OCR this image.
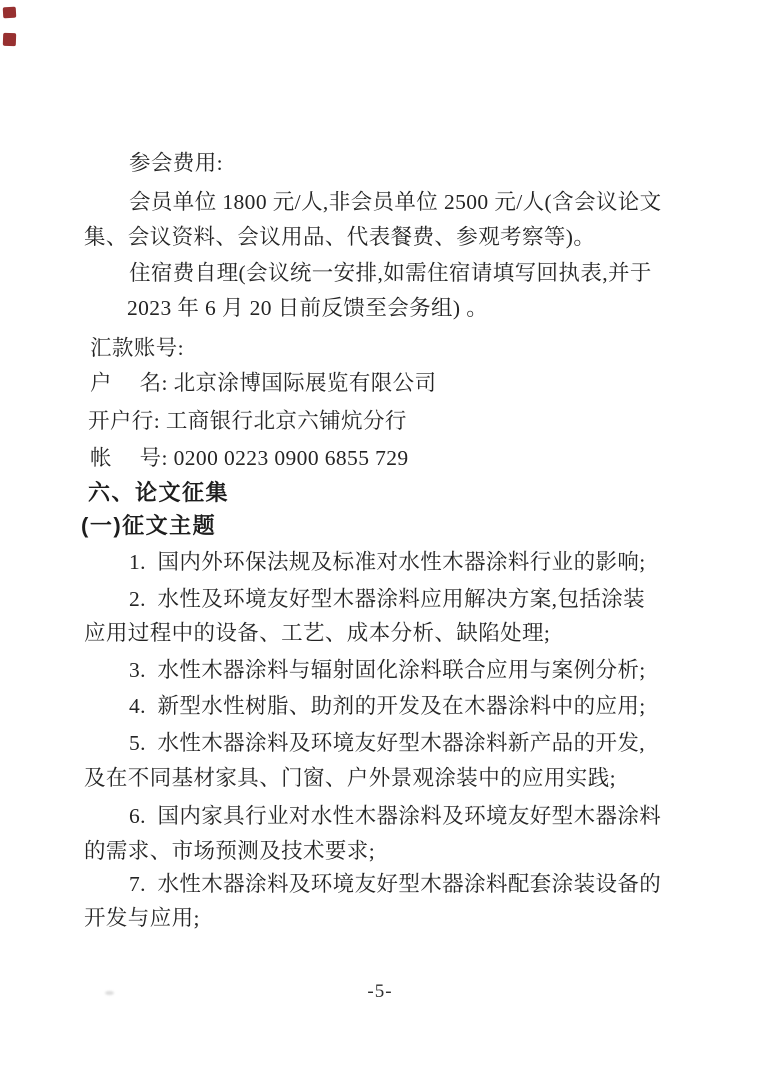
参会费用:
会员单位 1800 元/人,非会员单位 2500 元/人(含会议论文
集、会议资料、会议用品、代表餐费、参观考察等)。
住宿费自理(会议统一安排,如需住宿请填写回执表,并于
2023 年 6 月 20 日前反馈至会务组) 。
汇款账号:
户　 名: 北京涂博国际展览有限公司
开户行: 工商银行北京六铺炕分行
帐　 号: 0200 0223 0900 6855 729
六、论文征集
(一)征文主题
1.  国内外环保法规及标准对水性木器涂料行业的影响;
2.  水性及环境友好型木器涂料应用解决方案,包括涂装
应用过程中的设备、工艺、成本分析、缺陷处理;
3.  水性木器涂料与辐射固化涂料联合应用与案例分析;
4.  新型水性树脂、助剂的开发及在木器涂料中的应用;
5.  水性木器涂料及环境友好型木器涂料新产品的开发,
及在不同基材家具、门窗、户外景观涂装中的应用实践;
6.  国内家具行业对水性木器涂料及环境友好型木器涂料
的需求、市场预测及技术要求;
7.  水性木器涂料及环境友好型木器涂料配套涂装设备的
开发与应用;
-5-
